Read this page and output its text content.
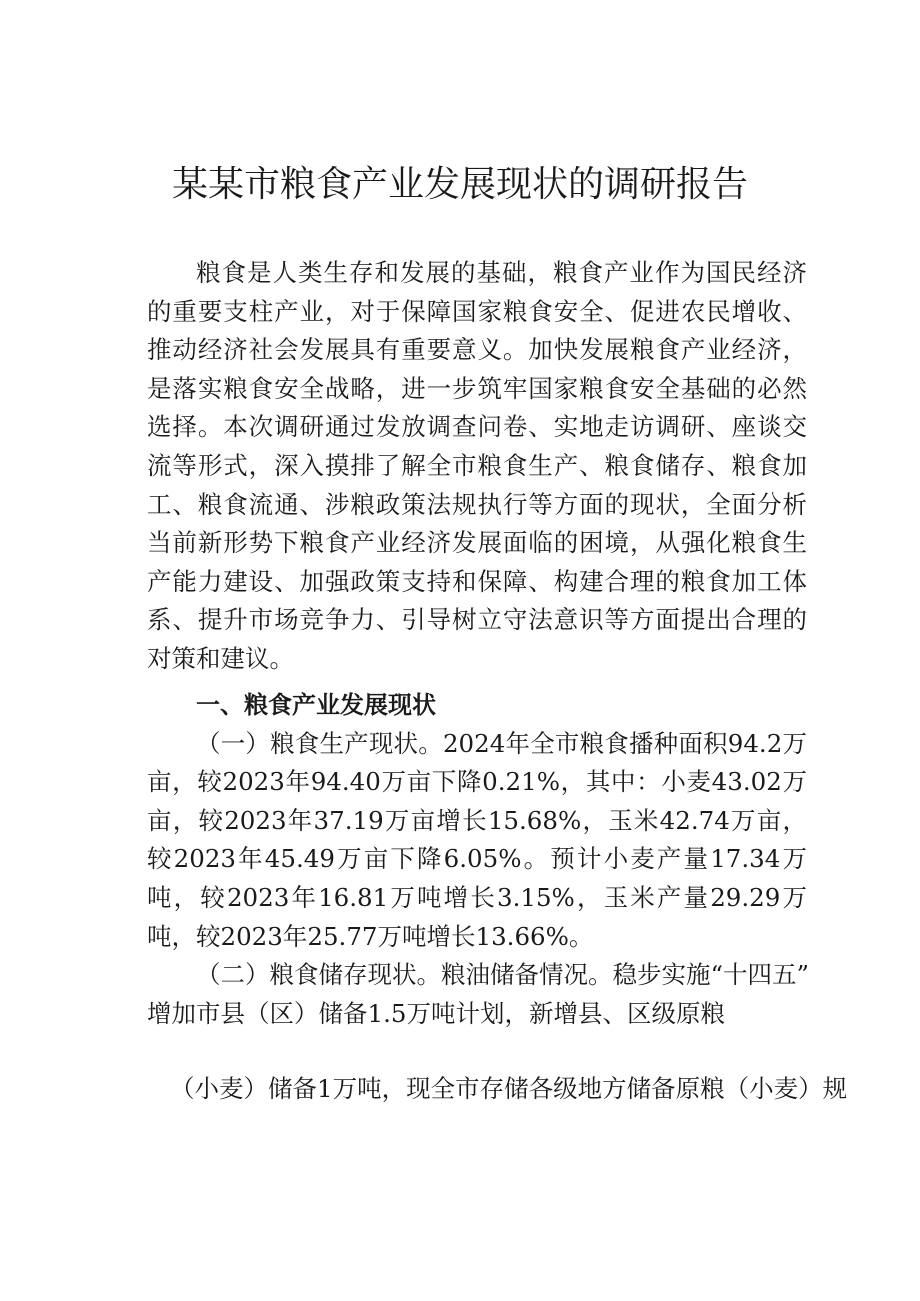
某某市粮食产业发展现状的调研报告

粮食是人类生存和发展的基础，粮食产业作为国民经济的重要支柱产业，对于保障国家粮食安全、促进农民增收、推动经济社会发展具有重要意义。加快发展粮食产业经济，是落实粮食安全战略，进一步筑牢国家粮食安全基础的必然选择。本次调研通过发放调查问卷、实地走访调研、座谈交流等形式，深入摸排了解全市粮食生产、粮食储存、粮食加工、粮食流通、涉粮政策法规执行等方面的现状，全面分析当前新形势下粮食产业经济发展面临的困境，从强化粮食生产能力建设、加强政策支持和保障、构建合理的粮食加工体系、提升市场竞争力、引导树立守法意识等方面提出合理的对策和建议。

一、粮食产业发展现状

（一）粮食生产现状。2024年全市粮食播种面积94.2万亩，较2023年94.40万亩下降0.21%，其中：小麦43.02万亩，较2023年37.19万亩增长15.68%，玉米42.74万亩，较2023年45.49万亩下降6.05%。预计小麦产量17.34万吨，较2023年16.81万吨增长3.15%，玉米产量29.29万吨，较2023年25.77万吨增长13.66%。

（二）粮食储存现状。粮油储备情况。稳步实施“十四五”

增加市县（区）储备1.5万吨计划，新增县、区级原粮

（小麦）储备1万吨，现全市存储各级地方储备原粮（小麦）规
